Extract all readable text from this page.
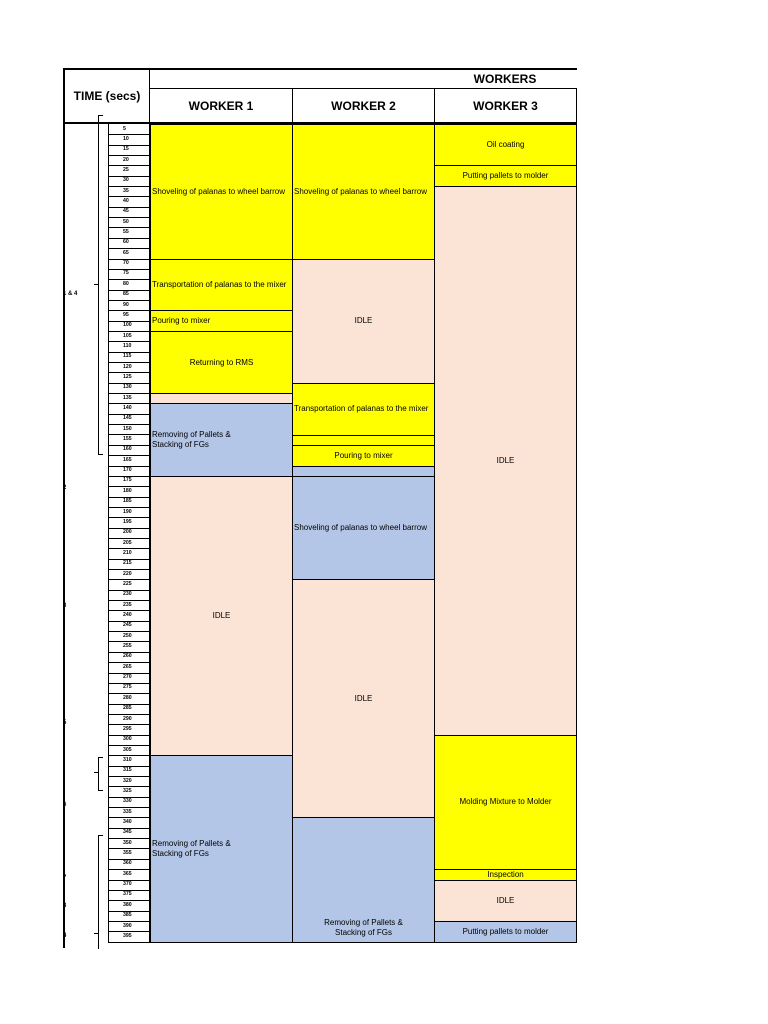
TIME (secs)
WORKERS
WORKER 1	WORKER 2	WORKER 3
1 & 4
2
3
5
6
7
8
4
5
10
15
20
25
30
35
40
45
50
55
60
65
70
75
80
85
90
95
100
105
110
115
120
125
130
135
140
145
150
155
160
165
170
175
180
185
190
195
200
205
210
215
220
225
230
235
240
245
250
255
260
265
270
275
280
285
290
295
300
305
310
315
320
325
330
335
340
345
350
355
360
365
370
375
380
385
390
395
Shoveling of palanas to wheel barrow
Transportation of palanas to the mixer
Pouring to mixer
Returning to RMS
Removing of Pallets &
Stacking of FGs
IDLE
Removing of Pallets &
Stacking of FGs
Shoveling of palanas to wheel barrow
IDLE
Transportation of palanas to the mixer
Pouring to mixer
Shoveling of palanas to wheel barrow
IDLE
Removing of Pallets &
Stacking of FGs
Oil coating
Putting pallets to molder
IDLE
Molding Mixture to Molder
Inspection
IDLE
Putting pallets to molder
